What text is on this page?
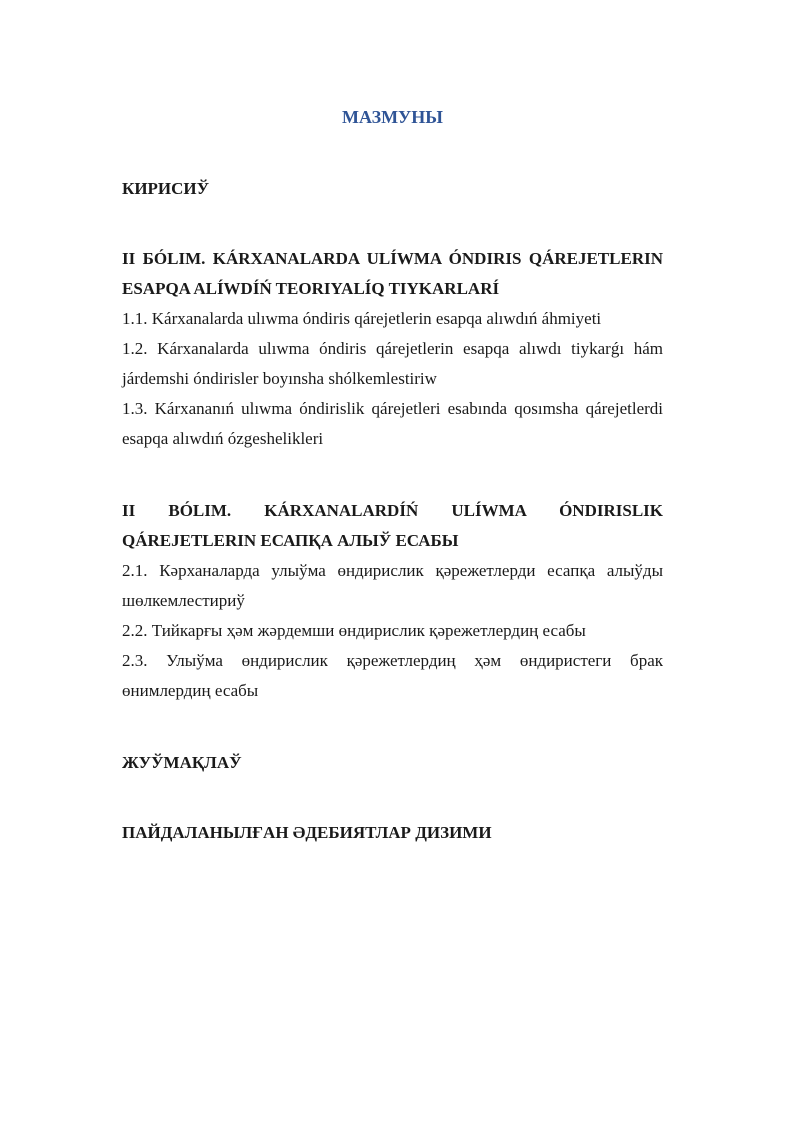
МАЗМУНЫ
КИРИСИЎ
II БÓLIM. KÁRXANALARDA ULÍWMA ÓNDIRIS QÁREJETLERIN ESAPQA ALÍWDÍŃ TEORIYALÍQ TIYKARLARÍ
1.1. Kárxanalarda ulıwma óndiris qárejetlerin esapqa alıwdıń áhmiyeti
1.2. Kárxanalarda ulıwma óndiris qárejetlerin esapqa alıwdı tiykarǵı hám járdemshi óndirisler boyınsha shólkemlestiriw
1.3. Kárxananıń ulıwma óndirislik qárejetleri esabında qosımsha qárejetlerdi esapqa alıwdıń ózgeshelikleri
II BÓLIM. KÁRXANALARDÍŃ ULÍWMA ÓNDIRISLIK QÁREJETLERIN ЕСАПҚА АЛЫЎ ЕСАБЫ
2.1. Кәрханаларда улыўма өндирислик қәрежетлерди есапқа алыўды шөлкемлестириў
2.2. Тийкарғы ҳәм жәрдемши өндирислик қәрежетлердиң есабы
2.3. Улыўма өндирислик қәрежетлердиң ҳәм өндиристеги брак өнимлердиң есабы
ЖУЎМАҚЛАЎ
ПАЙДАЛАНЫЛҒАН ӘДЕБИЯТЛАР ДИЗИМИ
